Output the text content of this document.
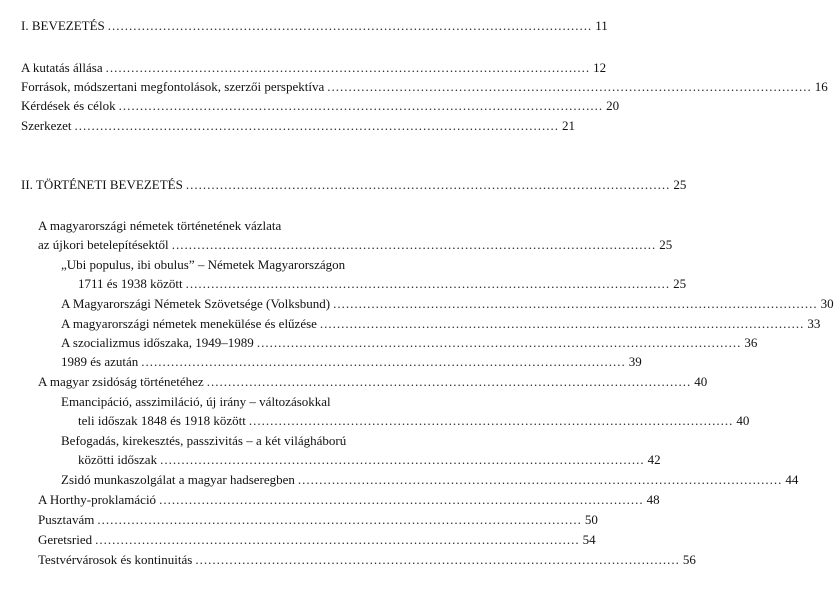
I. BEVEZETÉS .................................................................................................................. 11
A kutatás állása .................................................................................................................. 12
Források, módszertani megfontolások, szerzői perspektíva .................................................................................................................. 16
Kérdések és célok .................................................................................................................. 20
Szerkezet .................................................................................................................. 21
II. TÖRTÉNETI BEVEZETÉS .................................................................................................................. 25
A magyarországi németek történetének vázlata
az újkori betelepítésektől .................................................................................................................. 25
„Ubi populus, ibi obulus” – Németek Magyarországon
1711 és 1938 között .................................................................................................................. 25
A Magyarországi Németek Szövetsége (Volksbund) .................................................................................................................. 30
A magyarországi németek menekülése és elűzése .................................................................................................................. 33
A szocializmus időszaka, 1949–1989 .................................................................................................................. 36
1989 és azután .................................................................................................................. 39
A magyar zsidóság történetéhez .................................................................................................................. 40
Emancipáció, asszimiláció, új irány – változásokkal
teli időszak 1848 és 1918 között .................................................................................................................. 40
Befogadás, kirekesztés, passzivitás – a két világháború
közötti időszak .................................................................................................................. 42
Zsidó munkaszolgálat a magyar hadseregben .................................................................................................................. 44
A Horthy-proklamáció .................................................................................................................. 48
Pusztavám .................................................................................................................. 50
Geretsried .................................................................................................................. 54
Testvérvárosok és kontinuitás .................................................................................................................. 56
